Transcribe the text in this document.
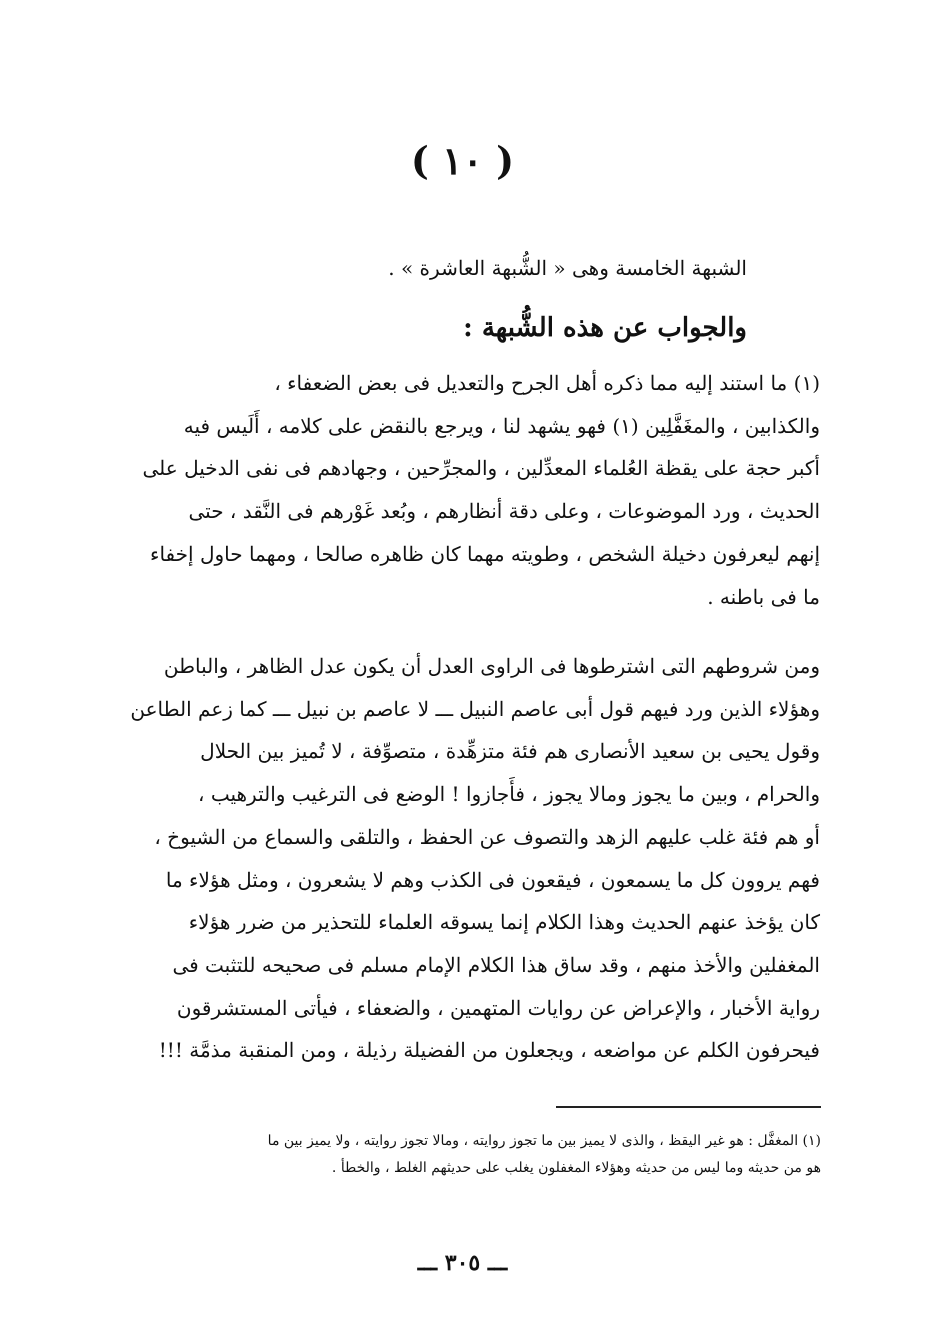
( ١٠ )
الشبهة الخامسة وهى « الشُّبهة العاشرة » .
والجواب عن هذه الشُّبهة :
(١) ما استند إليه مما ذكره أهل الجرح والتعديل فى بعض الضعفاء ،
والكذابين ، والمغَفَّلِين (١) فهو يشهد لنا ، ويرجع بالنقض على كلامه ، أَلَيس فيه
أكبر حجة على يقظة العُلماء المعدِّلين ، والمجرِّحين ، وجهادهم فى نفى الدخيل على
الحديث ، ورد الموضوعات ، وعلى دقة أنظارهم ، وبُعد غَوْرهم فى النَّقد ، حتى
إنهم ليعرفون دخيلة الشخص ، وطويته مهما كان ظاهره صالحا ، ومهما حاول إخفاء
ما فى باطنه .
ومن شروطهم التى اشترطوها فى الراوى العدل أن يكون عدل الظاهر ، والباطن
وهؤلاء الذين ورد فيهم قول أبى عاصم النبيل ـــ لا عاصم بن نبيل ـــ كما زعم الطاعن
وقول يحيى بن سعيد الأنصارى هم فئة متزهِّدة ، متصوِّفة ، لا تُميز بين الحلال
والحرام ، وبين ما يجوز ومالا يجوز ، فأَجازوا ! الوضع فى الترغيب والترهيب ،
أو هم فئة غلب عليهم الزهد والتصوف عن الحفظ ، والتلقى والسماع من الشيوخ ،
فهم يروون كل ما يسمعون ، فيقعون فى الكذب وهم لا يشعرون ، ومثل هؤلاء ما
كان يؤخذ عنهم الحديث وهذا الكلام إنما يسوقه العلماء للتحذير من ضرر هؤلاء
المغفلين والأخذ منهم ، وقد ساق هذا الكلام الإمام مسلم فى صحيحه للتثبت فى
رواية الأخبار ، والإعراض عن روايات المتهمين ، والضعفاء ، فيأتى المستشرقون
فيحرفون الكلم عن مواضعه ، ويجعلون من الفضيلة رذيلة ، ومن المنقبة مذمَّة !!!
(١) المغفَّل : هو غير اليقظ ، والذى لا يميز بين ما تجوز روايته ، ومالا تجوز روايته ، ولا يميز بين ما
هو من حديثه وما ليس من حديثه وهؤلاء المغفلون يغلب على حديثهم الغلط ، والخطأ .
ـــ ٣٠٥ ـــ
